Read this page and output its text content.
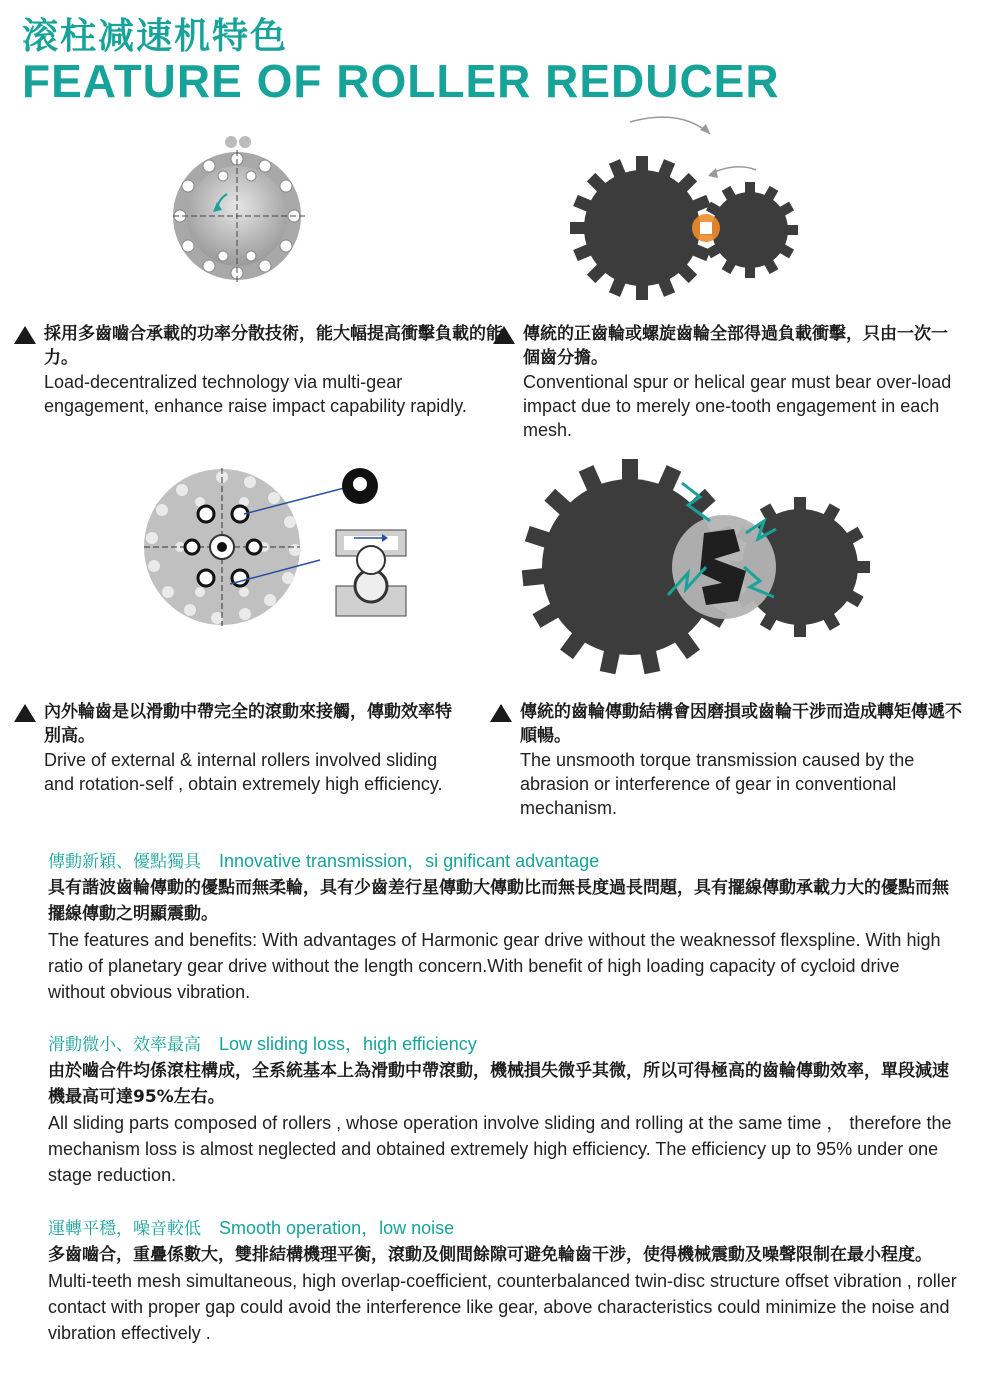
滚柱减速机特色
FEATURE OF ROLLER REDUCER
採用多齒嚙合承載的功率分散技術，能大幅提高衝擊負載的能力。
Load-decentralized technology via multi-gear engagement, enhance raise impact capability rapidly.
傳統的正齒輪或螺旋齒輪全部得過負載衝擊，只由一次一個齒分擔。
Conventional spur or helical gear must bear over-load impact due to merely one-tooth engagement in each mesh.
內外輪齒是以滑動中帶完全的滾動來接觸，傳動效率特別高。
Drive of external & internal rollers involved sliding and rotation-self , obtain extremely high efficiency.
傳統的齒輪傳動結構會因磨損或齒輪干涉而造成轉矩傳遞不順暢。
The unsmooth torque transmission caused by the abrasion or interference of gear in conventional mechanism.
傳動新穎、優點獨具 Innovative transmission，si gnificant advantage
具有諧波齒輪傳動的優點而無柔輪，具有少齒差行星傳動大傳動比而無長度過長問題，具有擺線傳動承載力大的優點而無擺線傳動之明顯震動。
The features and benefits: With advantages of Harmonic gear drive without the weaknessof flexspline. With high ratio of planetary gear drive without the length concern.With benefit of high loading capacity of cycloid drive without obvious vibration.
滑動微小、效率最高 Low sliding loss，high efficiency
由於嚙合件均係滾柱構成，全系統基本上為滑動中帶滾動，機械損失微乎其微，所以可得極高的齒輪傳動效率，單段減速機最高可達95%左右。
All sliding parts composed of rollers , whose operation involve sliding and rolling at the same time ， therefore the mechanism loss is almost neglected and obtained extremely high efficiency. The efficiency up to 95% under one stage reduction.
運轉平穩，噪音較低 Smooth operation，low noise
多齒嚙合，重疊係數大，雙排結構機理平衡，滾動及側間餘隙可避免輪齒干涉，使得機械震動及噪聲限制在最小程度。
Multi-teeth mesh simultaneous, high overlap-coefficient, counterbalanced twin-disc structure offset vibration , roller contact with proper gap could avoid the interference like gear, above characteristics could minimize the noise and vibration effectively .
